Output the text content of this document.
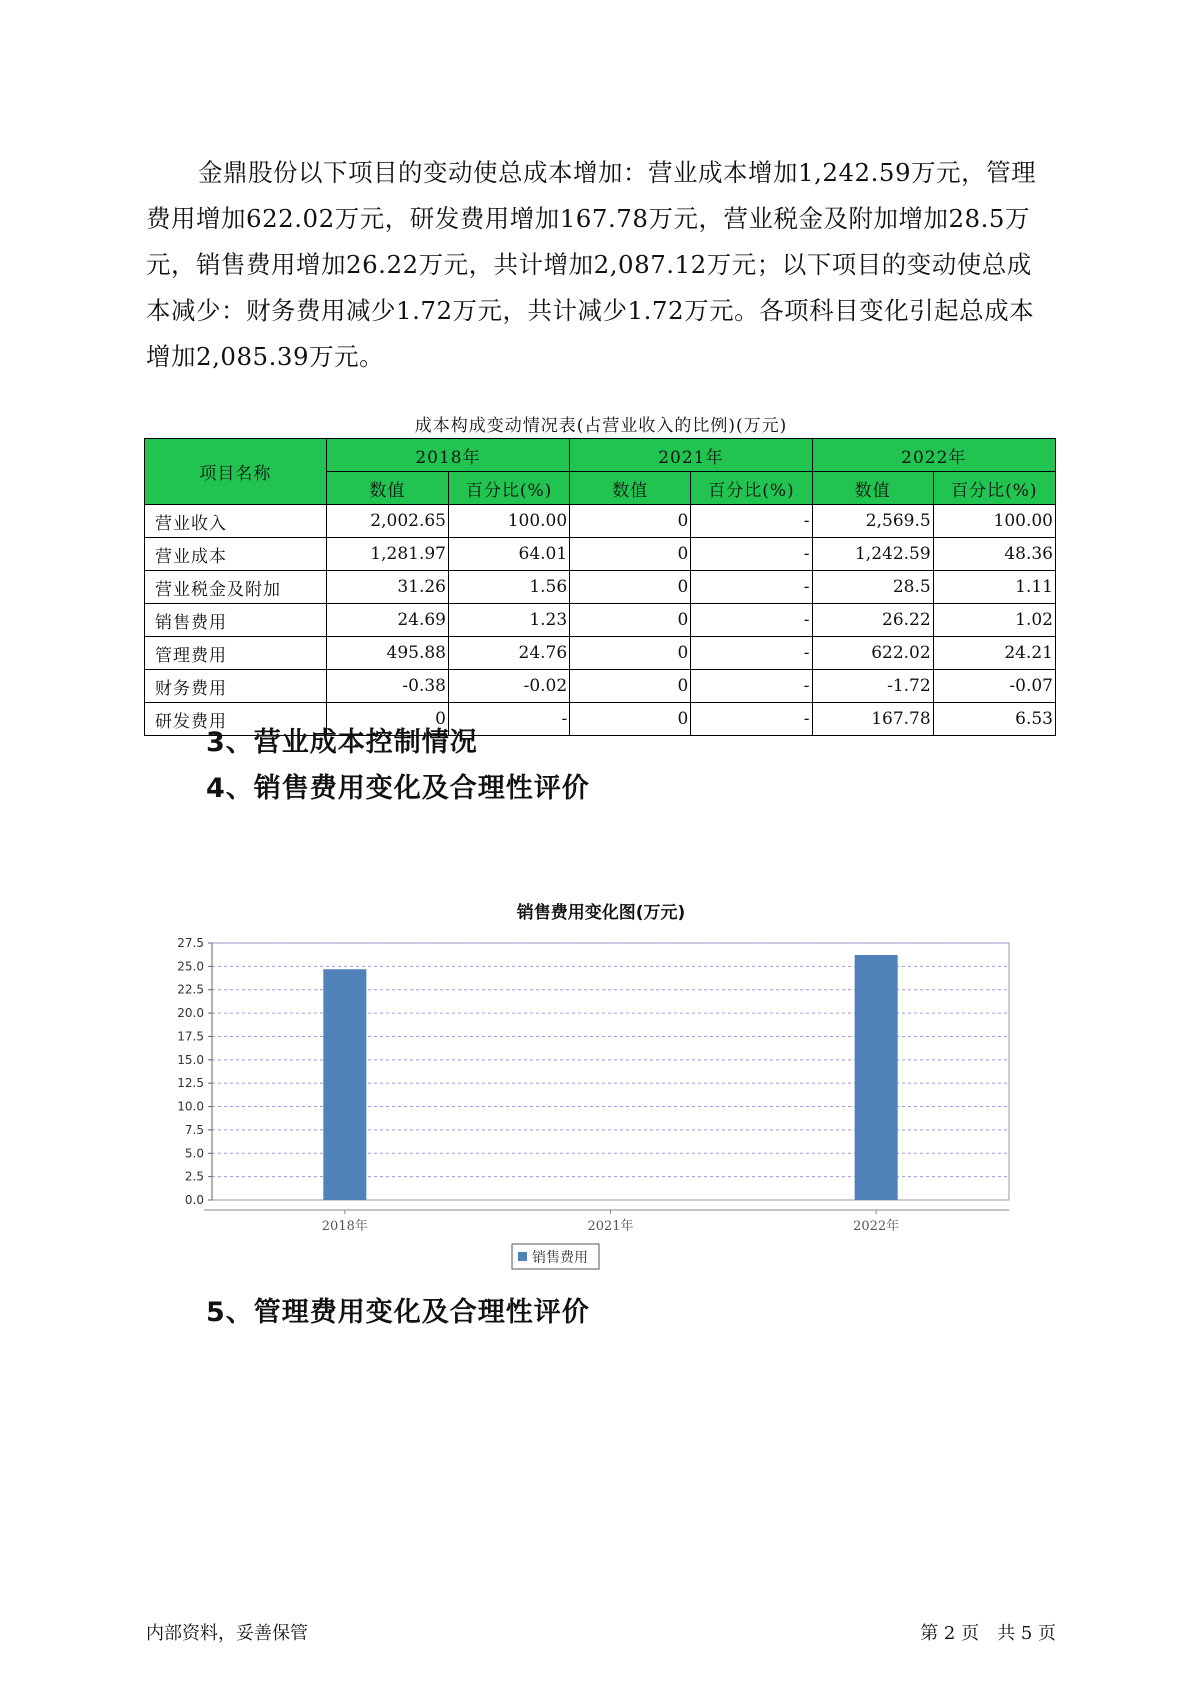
金鼎股份以下项目的变动使总成本增加：营业成本增加1,242.59万元，管理费用增加622.02万元，研发费用增加167.78万元，营业税金及附加增加28.5万元，销售费用增加26.22万元，共计增加2,087.12万元；以下项目的变动使总成本减少：财务费用减少1.72万元，共计减少1.72万元。各项科目变化引起总成本增加2,085.39万元。

成本构成变动情况表(占营业收入的比例)(万元)
项目名称	2018年		2021年		2022年	
	数值	百分比(%)	数值	百分比(%)	数值	百分比(%)
营业收入	2,002.65	100.00	0	-	2,569.5	100.00
营业成本	1,281.97	64.01	0	-	1,242.59	48.36
营业税金及附加	31.26	1.56	0	-	28.5	1.11
销售费用	24.69	1.23	0	-	26.22	1.02
管理费用	495.88	24.76	0	-	622.02	24.21
财务费用	-0.38	-0.02	0	-	-1.72	-0.07
研发费用	0	-	0	-	167.78	6.53
3、营业成本控制情况
4、销售费用变化及合理性评价
销售费用变化图(万元)
0.0
2.5
5.0
7.5
10.0
12.5
15.0
17.5
20.0
22.5
25.0
27.5
2018年	2021年	2022年
销售费用
5、管理费用变化及合理性评价
内部资料，妥善保管	第 2 页　共 5 页
